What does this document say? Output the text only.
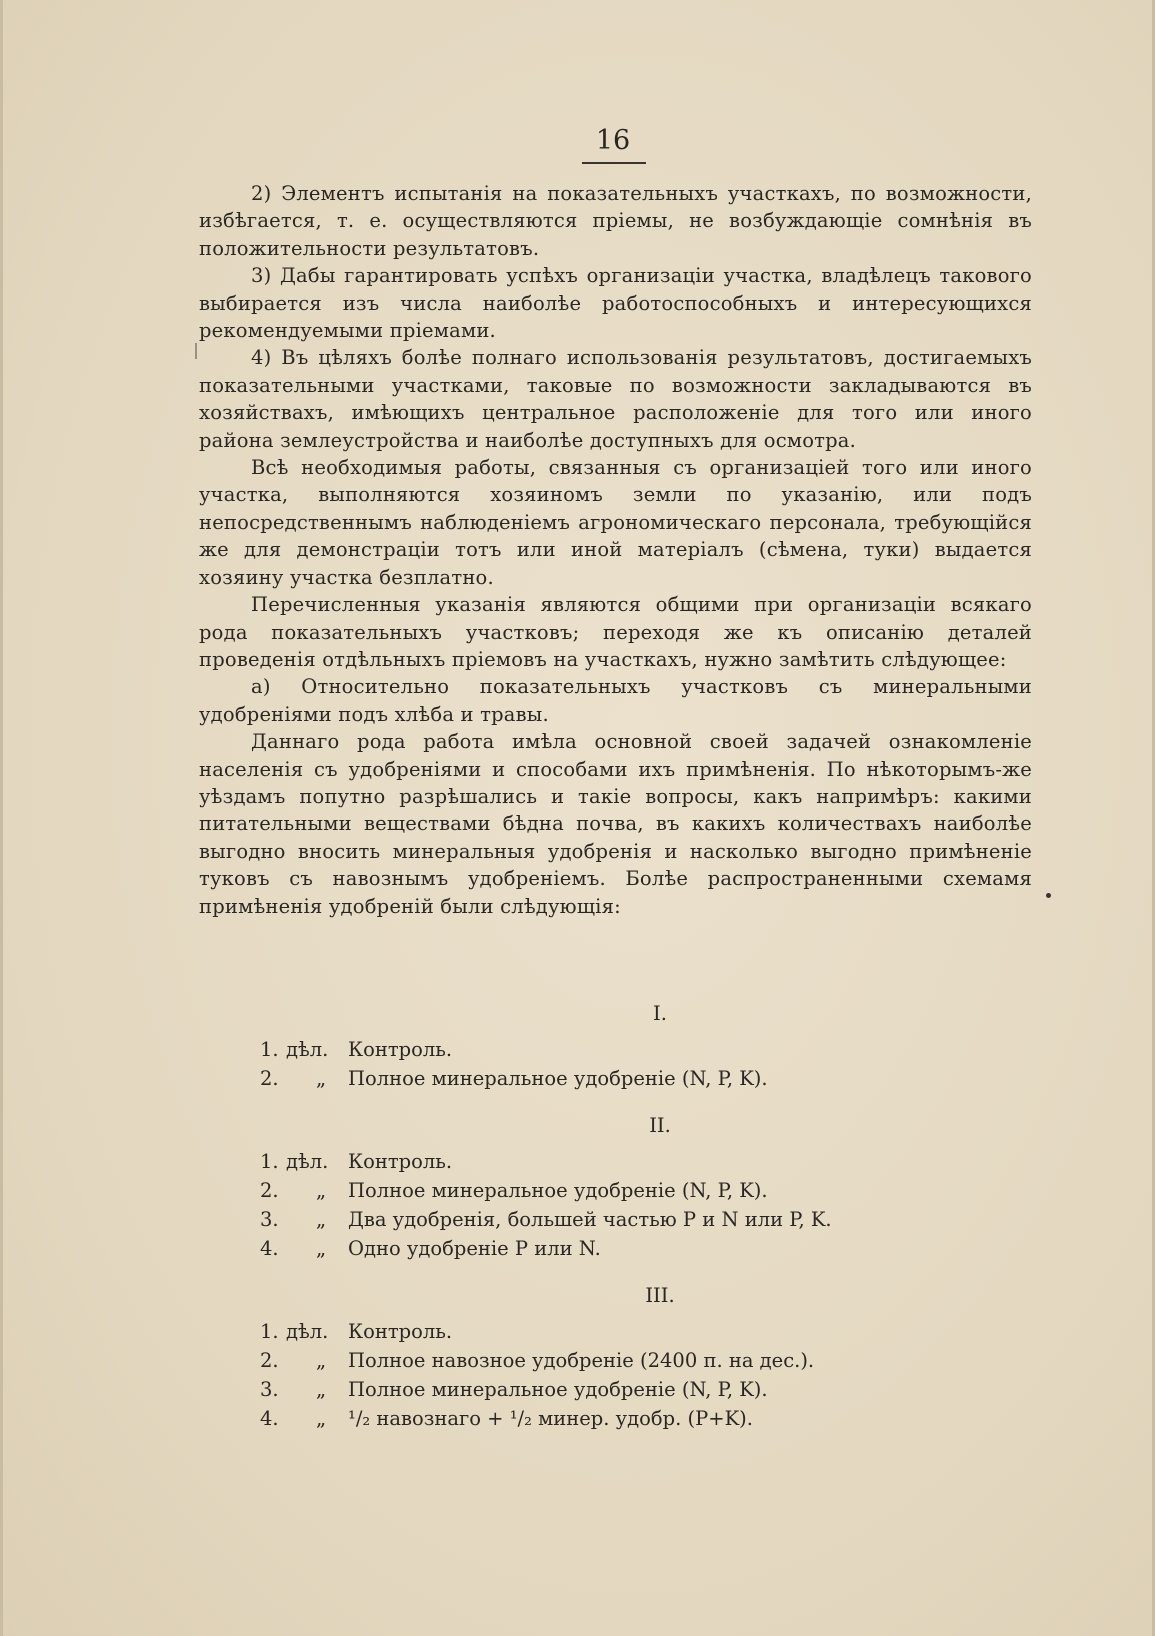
16

2) Элементъ испытанія на показательныхъ участкахъ, по возможности, избѣгается, т. е. осуществляются пріемы, не возбуждающіе сомнѣнія въ положительности результатовъ.

3) Дабы гарантировать успѣхъ организаціи участка, владѣлецъ такового выбирается изъ числа наиболѣе работоспособныхъ и интересующихся рекомендуемыми пріемами.

4) Въ цѣляхъ болѣе полнаго использованія результатовъ, достигаемыхъ показательными участками, таковые по возможности закладываются въ хозяйствахъ, имѣющихъ центральное расположеніе для того или иного района землеустройства и наиболѣе доступныхъ для осмотра.

Всѣ необходимыя работы, связанныя съ организаціей того или иного участка, выполняются хозяиномъ земли по указанію, или подъ непосредственнымъ наблюденіемъ агрономическаго персонала, требующійся же для демонстраціи тотъ или иной матеріалъ (сѣмена, туки) выдается хозяину участка безплатно.

Перечисленныя указанія являются общими при организаціи всякаго рода показательныхъ участковъ; переходя же къ описанію деталей проведенія отдѣльныхъ пріемовъ на участкахъ, нужно замѣтить слѣдующее:

а) Относительно показательныхъ участковъ съ минеральными удобреніями подъ хлѣба и травы.

Даннаго рода работа имѣла основной своей задачей ознакомленіе населенія съ удобреніями и способами ихъ примѣненія. По нѣкоторымъ-же уѣздамъ попутно разрѣшались и такіе вопросы, какъ напримѣръ: какими питательными веществами бѣдна почва, въ какихъ количествахъ наиболѣе выгодно вносить минеральныя удобренія и насколько выгодно примѣненіе туковъ съ навознымъ удобреніемъ. Болѣе распространенными схемамя примѣненія удобреній были слѣдующія:

I.
1. дѣл.	Контроль.
2.	„	Полное минеральное удобреніе (N, P, K).
II.
1. дѣл.	Контроль.
2.	„	Полное минеральное удобреніе (N, P, K).
3.	„	Два удобренія, большей частью P и N или P, K.
4.	„	Одно удобреніе P или N.
III.
1. дѣл.	Контроль.
2.	„	Полное навозное удобреніе (2400 п. на дес.).
3.	„	Полное минеральное удобреніе (N, P, K).
4.	„	¹/₂ навознаго + ¹/₂ минер. удобр. (P+K).
